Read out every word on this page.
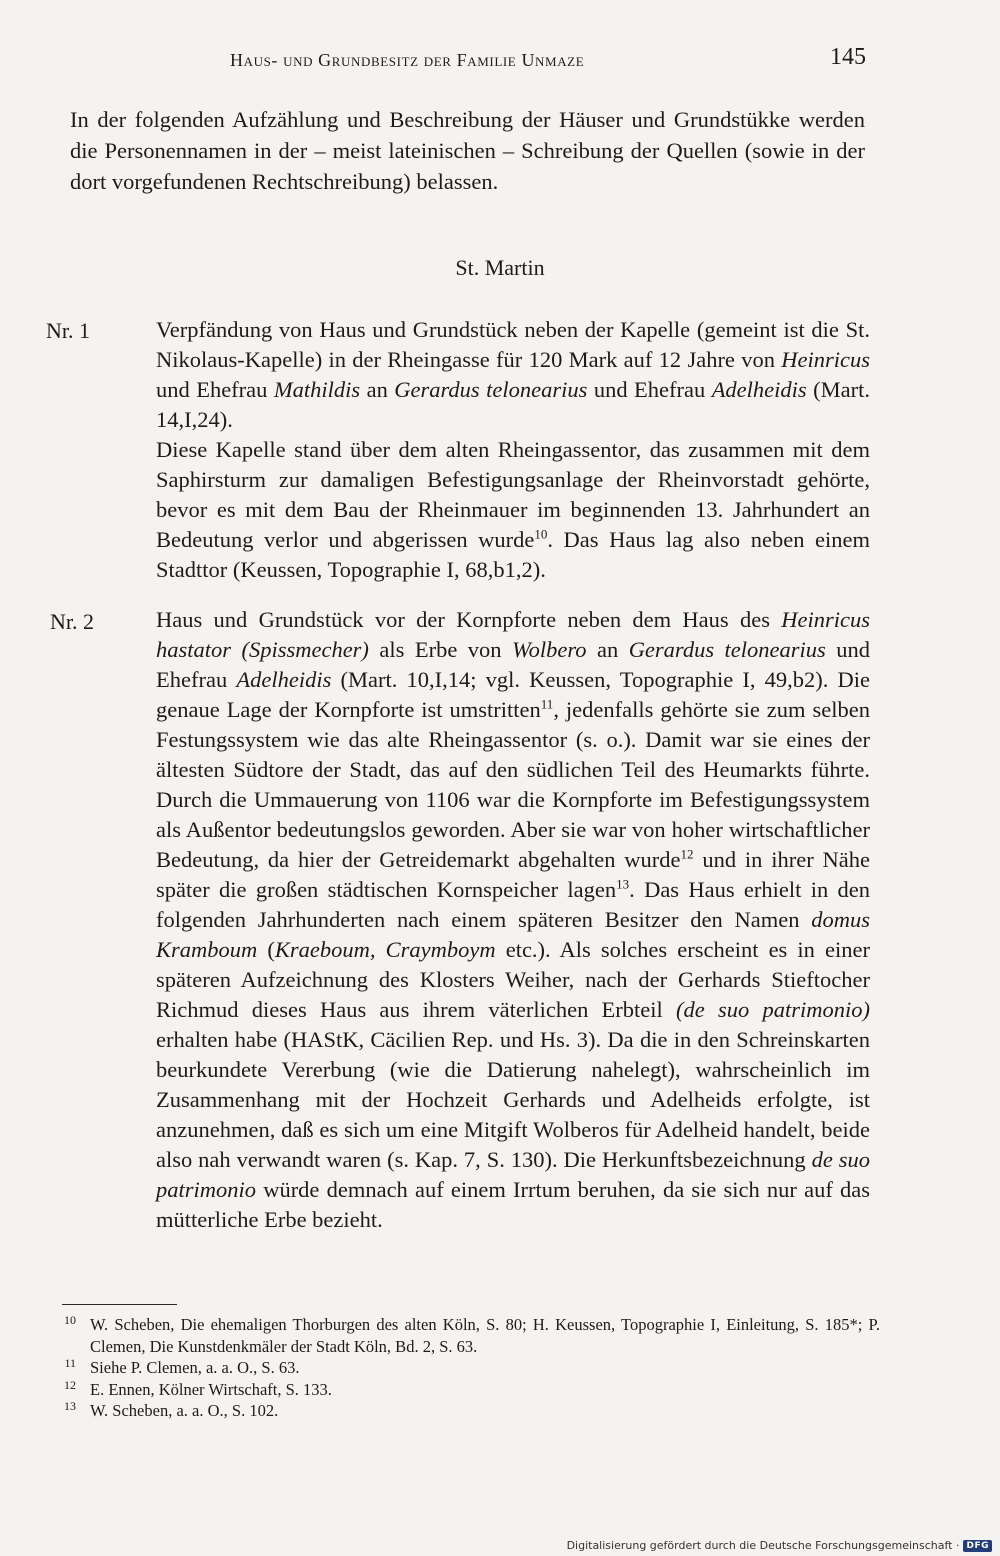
Haus- und Grundbesitz der Familie Unmaze	145

In der folgenden Aufzählung und Beschreibung der Häuser und Grundstükke werden die Personennamen in der – meist lateinischen – Schreibung der Quellen (sowie in der dort vorgefundenen Rechtschreibung) belassen.

St. Martin
Nr. 1	Verpfändung von Haus und Grundstück neben der Kapelle (gemeint ist die St. Nikolaus-Kapelle) in der Rheingasse für 120 Mark auf 12 Jahre von Heinricus und Ehefrau Mathildis an Gerardus telonearius und Ehefrau Adelheidis (Mart. 14,I,24).

Diese Kapelle stand über dem alten Rheingassentor, das zusammen mit dem Saphirsturm zur damaligen Befestigungsanlage der Rheinvorstadt gehörte, bevor es mit dem Bau der Rheinmauer im beginnenden 13. Jahrhundert an Bedeutung verlor und abgerissen wurde$^{10}$. Das Haus lag also neben einem Stadttor (Keussen, Topographie I, 68,b1,2).

Nr. 2	Haus und Grundstück vor der Kornpforte neben dem Haus des Heinricus hastator (Spissmecher) als Erbe von Wolbero an Gerardus telonearius und Ehefrau Adelheidis (Mart. 10,I,14; vgl. Keussen, Topographie I, 49,b2). Die genaue Lage der Kornpforte ist umstritten$^{11}$, jedenfalls gehörte sie zum selben Festungssystem wie das alte Rheingassentor (s. o.). Damit war sie eines der ältesten Südtore der Stadt, das auf den südlichen Teil des Heumarkts führte. Durch die Ummauerung von 1106 war die Kornpforte im Befestigungssystem als Außentor bedeutungslos geworden. Aber sie war von hoher wirtschaftlicher Bedeutung, da hier der Getreidemarkt abgehalten wurde$^{12}$ und in ihrer Nähe später die großen städtischen Kornspeicher lagen$^{13}$. Das Haus erhielt in den folgenden Jahrhunderten nach einem späteren Besitzer den Namen domus Kramboum (Kraeboum, Craymboym etc.). Als solches erscheint es in einer späteren Aufzeichnung des Klosters Weiher, nach der Gerhards Stieftocher Richmud dieses Haus aus ihrem väterlichen Erbteil (de suo patrimonio) erhalten habe (HAStK, Cäcilien Rep. und Hs. 3). Da die in den Schreinskarten beurkundete Vererbung (wie die Datierung nahelegt), wahrscheinlich im Zusammenhang mit der Hochzeit Gerhards und Adelheids erfolgte, ist anzunehmen, daß es sich um eine Mitgift Wolberos für Adelheid handelt, beide also nah verwandt waren (s. Kap. 7, S. 130). Die Herkunftsbezeichnung de suo patrimonio würde demnach auf einem Irrtum beruhen, da sie sich nur auf das mütterliche Erbe bezieht.

10 W. Scheben, Die ehemaligen Thorburgen des alten Köln, S. 80; H. Keussen, Topographie I, Einleitung, S. 185*; P. Clemen, Die Kunstdenkmäler der Stadt Köln, Bd. 2, S. 63.
11 Siehe P. Clemen, a. a. O., S. 63.
12 E. Ennen, Kölner Wirtschaft, S. 133.
13 W. Scheben, a. a. O., S. 102.
Digitalisierung gefördert durch die Deutsche Forschungsgemeinschaft · DFG
